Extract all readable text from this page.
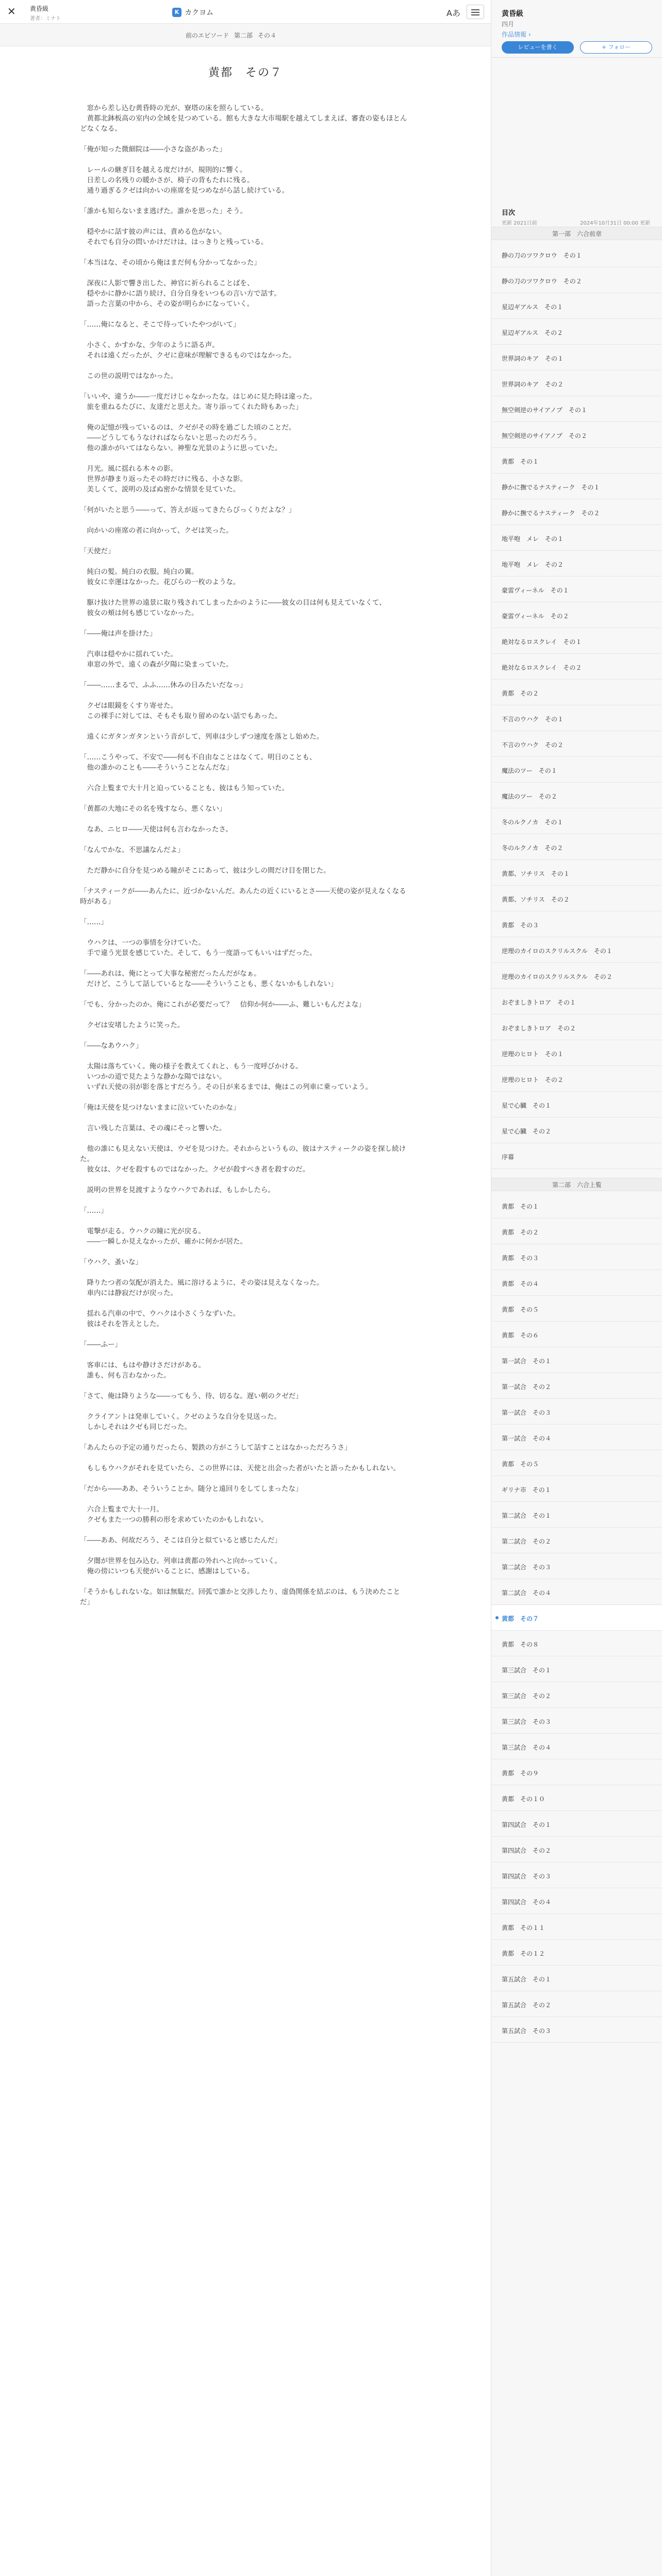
✕ 黄昏級
著者：ミナト
K カクヨム	Aあ
前のエピソード 第二部 その４
黄都　その７

　窓から差し込む黄昏時の光が、寮塔の床を照らしている。

　黄都北鉢板高の室内の全域を見つめている。館も大きな大市場駅を越えてしまえば、審査の姿もほとんどなくなる。

「俺が知った微細院は――小さな盗があった」

　レールの継ぎ目を越える度だけが、規則的に響く。

　日差しの名残りの暖かさが、椅子の背もたれに残る。

　通り過ぎるクゼは向かいの座席を見つめながら話し続けている。

「誰かも知らないまま逃げた。誰かを思った」そう。

　穏やかに話す彼の声には、責める色がない。

　それでも自分の問いかけだけは、はっきりと残っている。

「本当はな、その頃から俺はまだ何も分かってなかった」

　深夜に人影で響き出した、神官に祈られることばを、

　穏やかに静かに語り続け、自分自身をいつもの言い方で話す。

　語った言葉の中から、その姿が明らかになっていく。

「……俺になると、そこで待っていたやつがいて」

　小さく、かすかな、少年のように語る声。

　それは遠くだったが、クゼに意味が理解できるものではなかった。

　この世の説明ではなかった。

「いいや、違うか――一度だけじゃなかったな。はじめに見た時は違った。

　旅を重ねるたびに、友達だと思えた。寄り添ってくれた時もあった」

　俺の記憶が残っているのは、クゼがその時を過ごした頃のことだ。

　――どうしてもうなければならないと思ったのだろう。

　他の誰かがいてはならない。神聖な光景のように思っていた。

　月光。風に揺れる木々の影。

　世界が静まり返ったその時だけに残る、小さな影。

　美しくて、説明の及ばぬ密かな情景を見ていた。

「何がいたと思う――って、答えが返ってきたらびっくりだよな？」

　向かいの座席の者に向かって、クゼは笑った。

「天使だ」

　純白の髪。純白の衣服。純白の翼。

　彼女に幸運はなかった。花びらの一枚のような。

　駆け抜けた世界の遠景に取り残されてしまったかのように――彼女の目は何も見えていなくて、

　彼女の頬は何も感じていなかった。

「――俺は声を掛けた」

　汽車は穏やかに揺れていた。

　車窓の外で、遠くの森が夕陽に染まっていた。

「――……まるで、ふふ……休みの日みたいだなっ」

　クゼは眼鏡をくすり寄せた。

　この裸手に対しては、そもそも取り留めのない話でもあった。

　遠くにガタンガタンという音がして、列車は少しずつ速度を落とし始めた。

「……こうやって、不安で――何も不自由なことはなくて。明日のことも、

　他の誰かのことも――そういうことなんだな」

　六合上覧まで大十月と迫っていることも、彼はもう知っていた。

「黄都の大地にその名を残すなら、悪くない」

　なあ、ニヒロ――天使は何も言わなかったさ。

「なんでかな。不思議なんだよ」

　ただ静かに自分を見つめる瞳がそこにあって、彼は少しの間だけ目を閉じた。

「ナスティークが――あんたに、近づかないんだ。あんたの近くにいるとさ――天使の姿が見えなくなる時がある」

「……」

　ウハクは、一つの事情を分けていた。

　手で違う光景を感じていた。そして、もう一度語ってもいいはずだった。

「――あれは、俺にとって大事な秘密だったんだがなぁ。

　だけど、こうして話しているとな――そういうことも、悪くないかもしれない」

「でも、分かったのか。俺にこれが必要だって？　信仰か何か――ふ、難しいもんだよな」

　クゼは安堵したように笑った。

「――なあウハク」

　太陽は落ちていく。俺の様子を教えてくれと、もう一度呼びかける。

　いつかの道で見たような静かな陽ではない。

　いずれ天使の羽が影を落とすだろう。その日が来るまでは、俺はこの列車に乗っていよう。

「俺は天使を見つけないままに泣いていたのかな」

　言い残した言葉は、その魂にそっと響いた。

　他の誰にも見えない天使は、ウゼを見つけた。それからというもの、彼はナスティークの姿を探し続けた。

　彼女は、クゼを殺すものではなかった。クゼが殺すべき者を殺すのだ。

　説明の世界を見渡すようなウハクであれば、もしかしたら。

「……」

　電撃が走る。ウハクの瞳に光が戻る。

　――一瞬しか見えなかったが、確かに何かが居た。

「ウハク、蚤いな」

　降りたつ者の気配が消えた。風に溶けるように、その姿は見えなくなった。

　車内には静寂だけが戻った。

　揺れる汽車の中で、ウハクは小さくうなずいた。

　彼はそれを答えとした。

「――ふー」

　客車には、もはや静けさだけがある。

　誰も、何も言わなかった。

「さて、俺は降りような――ってもう、待、切るな。遅い朝のクゼだ」

　クライアントは発車していく。クゼのような自分を見送った。

　しかしそれはクゼも同じだった。

「あんたらの予定の通りだったら、製鉄の方がこうして話すことはなかっただろうさ」

　もしもウハクがそれを見ていたら、この世界には、天使と出会った者がいたと語ったかもしれない。

「だから――ああ、そういうことか。随分と遠回りをしてしまったな」

　六合上覧まで大十一月。

　クゼもまた一つの勝利の形を求めていたのかもしれない。

「――ああ、何故だろう、そこは自分と似ていると感じたんだ」

　夕闇が世界を包み込む。列車は黄都の外れへと向かっていく。

　俺の傍にいつも天使がいることに、感謝はしている。

「そうかもしれないな。如は無駄だ。回弧で誰かと交渉したり、虚偽関係を結ぶのは、もう決めたことだ」

黄昏級
四月
作品情報 ›
レビューを書く	+ フォロー
目次
更新 2021日前	2024年10月31日 00:00 更新
第一部　六合前章
静の刀のツワクロウ　その１
静の刀のツワクロウ　その２
星辺ギアルス　その１
星辺ギアルス　その２
世界詞のキア　その１
世界詞のキア　その２
無空剣逆のサイアノプ　その１
無空剣逆のサイアノプ　その２
黄都　その１
静かに撫でるナスティーク　その１
静かに撫でるナスティーク　その２
地平咆　メレ　その１
地平咆　メレ　その２
豪雷ヴィーネル　その１
豪雷ヴィーネル　その２
絶対なるロスクレイ　その１
絶対なるロスクレイ　その２
黄都　その２
不言のウハク　その１
不言のウハク　その２
魔法のツー　その１
魔法のツー　その２
冬のルクノカ　その１
冬のルクノカ　その２
黄都、ソチリス　その１
黄都、ソチリス　その２
黄都　その３
逆理のカイロのスクリルスクル　その１
逆理のカイロのスクリルスクル　その２
おぞましきトロア　その１
おぞましきトロア　その２
逆理のヒロト　その１
逆理のヒロト　その２
星で心臓　その１
星で心臓　その２
序幕
第二部　六合上覧
黄都　その１
黄都　その２
黄都　その３
黄都　その４
黄都　その５
黄都　その６
第一試合　その１
第一試合　その２
第一試合　その３
第一試合　その４
黄都　その５
ギリナ市　その１
第二試合　その１
第二試合　その２
第二試合　その３
第二試合　その４
黄都　その７
黄都　その８
第三試合　その１
第三試合　その２
第三試合　その３
第三試合　その４
黄都　その９
黄都　その１０
第四試合　その１
第四試合　その２
第四試合　その３
第四試合　その４
黄都　その１１
黄都　その１２
第五試合　その１
第五試合　その２
第五試合　その３
